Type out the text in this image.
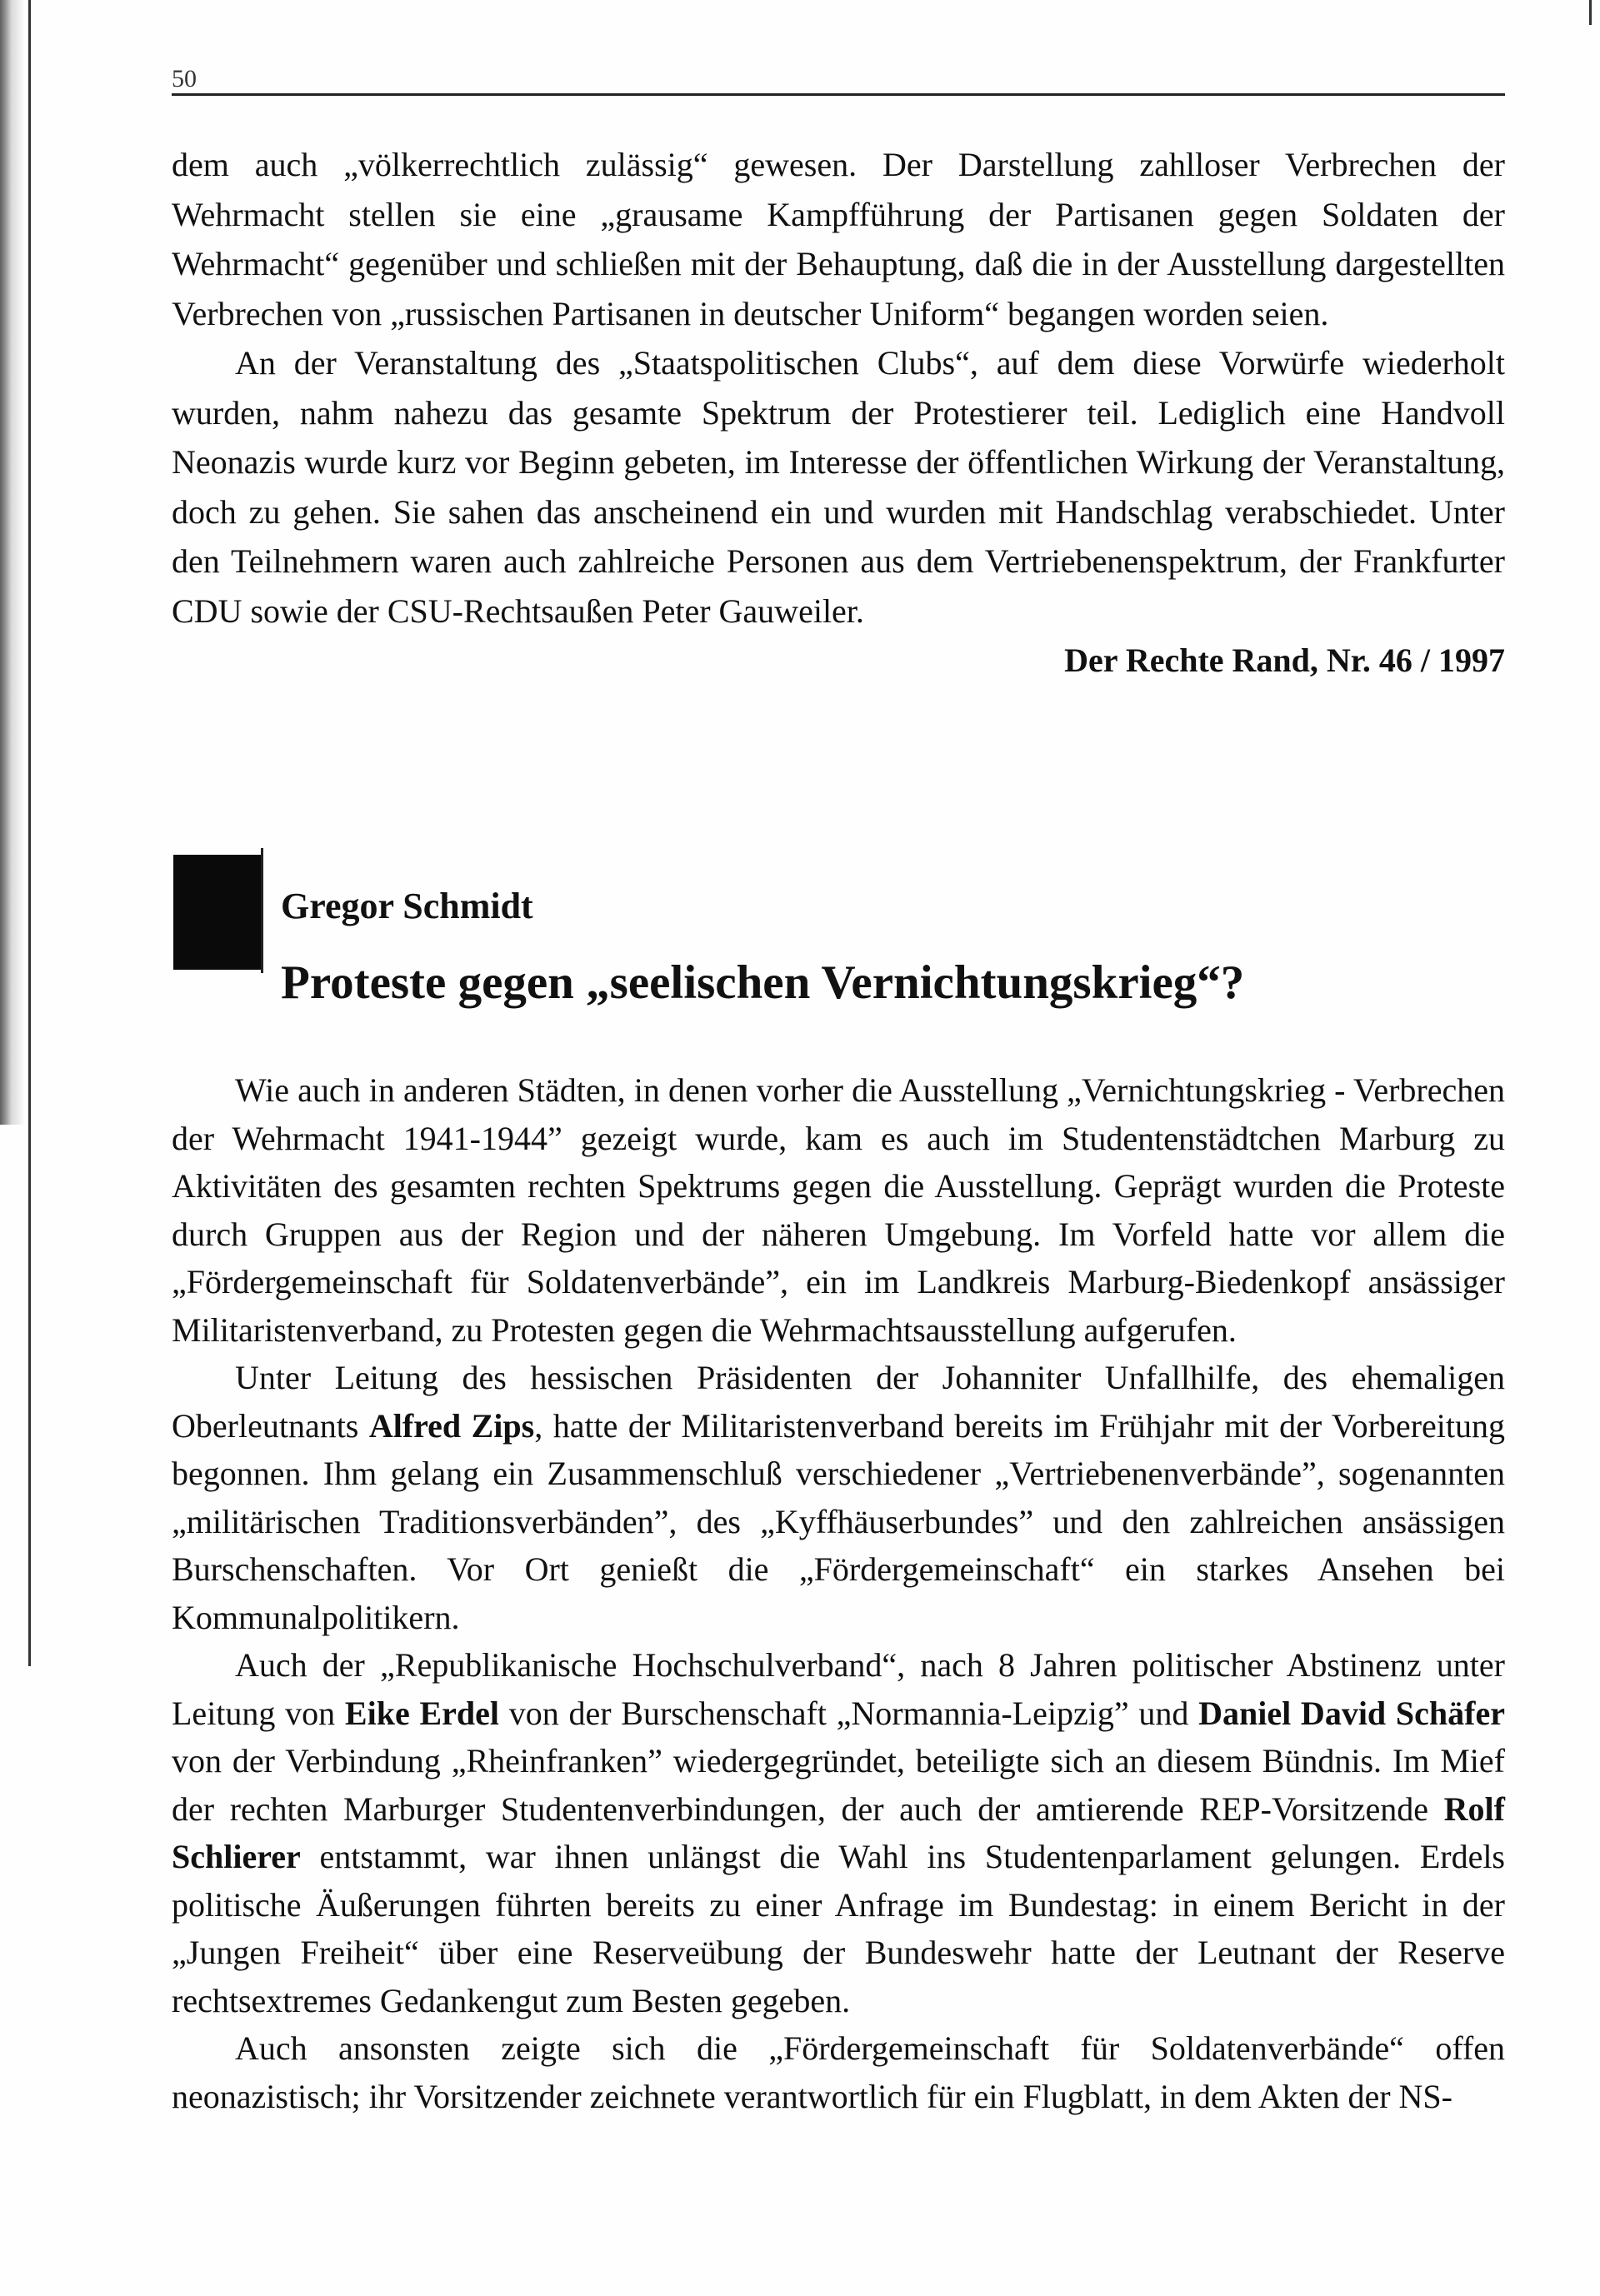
50

dem auch „völkerrechtlich zulässig“ gewesen. Der Darstellung zahlloser Verbrechen der Wehrmacht stellen sie eine „grausame Kampfführung der Partisanen gegen Soldaten der Wehrmacht“ gegenüber und schließen mit der Behauptung, daß die in der Ausstellung dargestellten Verbrechen von „russischen Partisanen in deutscher Uniform“ begangen worden seien.

An der Veranstaltung des „Staatspolitischen Clubs“, auf dem diese Vorwürfe wiederholt wurden, nahm nahezu das gesamte Spektrum der Protestierer teil. Lediglich eine Handvoll Neonazis wurde kurz vor Beginn gebeten, im Interesse der öffentlichen Wirkung der Veranstaltung, doch zu gehen. Sie sahen das anscheinend ein und wurden mit Handschlag verabschiedet. Unter den Teilnehmern waren auch zahlreiche Personen aus dem Vertriebenenspektrum, der Frankfurter CDU sowie der CSU-Rechtsaußen Peter Gauweiler.

Der Rechte Rand, Nr. 46 / 1997
Gregor Schmidt
Proteste gegen „seelischen Vernichtungskrieg“?

Wie auch in anderen Städten, in denen vorher die Ausstellung „Vernichtungskrieg - Verbrechen der Wehrmacht 1941-1944” gezeigt wurde, kam es auch im Studentenstädtchen Marburg zu Aktivitäten des gesamten rechten Spektrums gegen die Ausstellung. Geprägt wurden die Proteste durch Gruppen aus der Region und der näheren Umgebung. Im Vorfeld hatte vor allem die „Fördergemeinschaft für Soldatenverbände”, ein im Landkreis Marburg-Biedenkopf ansässiger Militaristenverband, zu Protesten gegen die Wehrmachtsausstellung aufgerufen.

Unter Leitung des hessischen Präsidenten der Johanniter Unfallhilfe, des ehemaligen Oberleutnants Alfred Zips, hatte der Militaristenverband bereits im Frühjahr mit der Vorbereitung begonnen. Ihm gelang ein Zusammenschluß verschiedener „Vertriebenenverbände”, sogenannten „militärischen Traditionsverbänden”, des „Kyffhäuserbundes” und den zahlreichen ansässigen Burschenschaften. Vor Ort genießt die „Fördergemeinschaft“ ein starkes Ansehen bei Kommunalpolitikern.

Auch der „Republikanische Hochschulverband“, nach 8 Jahren politischer Abstinenz unter Leitung von Eike Erdel von der Burschenschaft „Normannia-Leipzig” und Daniel David Schäfer von der Verbindung „Rheinfranken” wiedergegründet, beteiligte sich an diesem Bündnis. Im Mief der rechten Marburger Studentenverbindungen, der auch der amtierende REP-Vorsitzende Rolf Schlierer entstammt, war ihnen unlängst die Wahl ins Studentenparlament gelungen. Erdels politische Äußerungen führten bereits zu einer Anfrage im Bundestag: in einem Bericht in der „Jungen Freiheit“ über eine Reserveübung der Bundeswehr hatte der Leutnant der Reserve rechtsextremes Gedankengut zum Besten gegeben.

Auch ansonsten zeigte sich die „Fördergemeinschaft für Soldatenverbände“ offen neonazistisch; ihr Vorsitzender zeichnete verantwortlich für ein Flugblatt, in dem Akten der NS-
